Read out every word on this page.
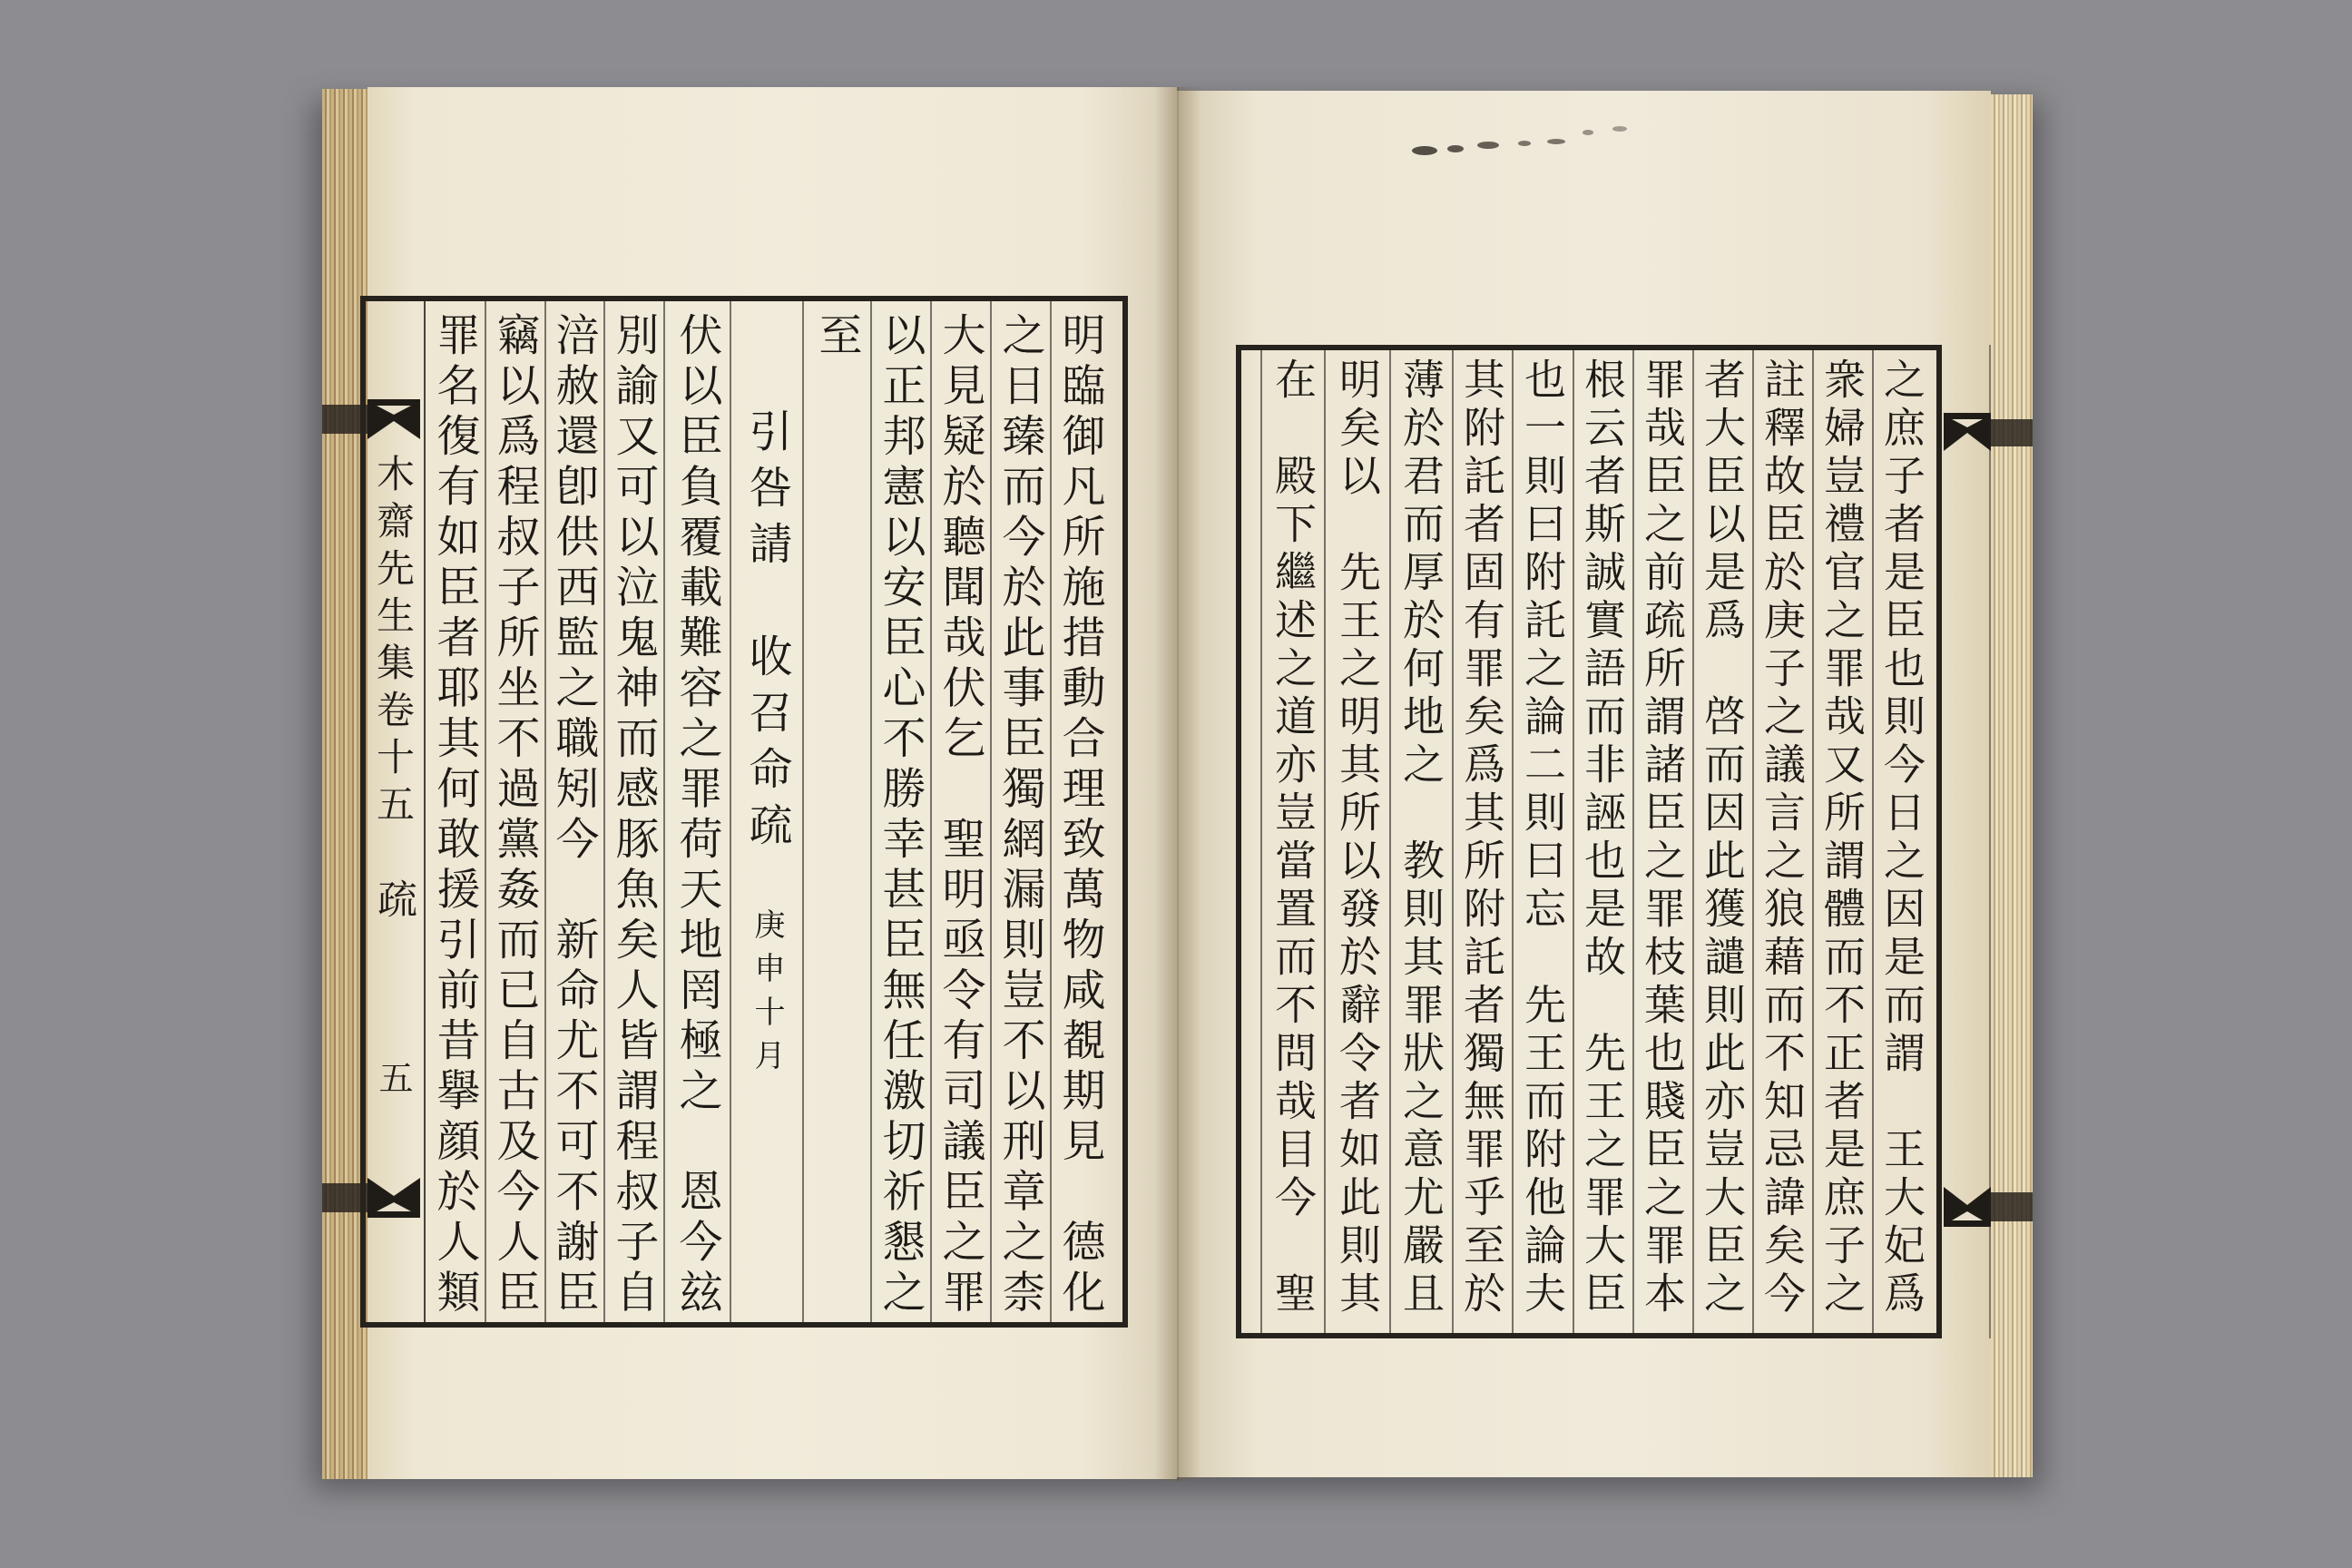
木齋先生集卷十五
疏
五	明臨御凡所施措動合理致萬物咸覩期見　德化
之日臻而今於此事臣獨網漏則豈不以刑章之柰
大見疑於聽聞哉伏乞　聖明亟令有司議臣之罪
以正邦憲以安臣心不勝幸甚臣無任激切祈懇之
至
引咎請　收召命疏庚申十月
伏以臣負覆載難容之罪荷天地罔極之　恩今玆
別諭又可以泣鬼神而感豚魚矣人皆謂程叔子自
涪赦還卽供西監之職矧今　新命尤不可不謝臣
竊以爲程叔子所坐不過黨姦而已自古及今人臣
罪名復有如臣者耶其何敢援引前昔擧顔於人類	之庶子者是臣也則今日之因是而謂　王大妃爲
衆婦豈禮官之罪哉又所謂體而不正者是庶子之
註釋故臣於庚子之議言之狼藉而不知忌諱矣今
者大臣以是爲　啓而因此獲譴則此亦豈大臣之
罪哉臣之前疏所謂諸臣之罪枝葉也賤臣之罪本
根云者斯誠實語而非誣也是故　先王之罪大臣
也一則曰附託之論二則曰忘　先王而附他論夫
其附託者固有罪矣爲其所附託者獨無罪乎至於
薄於君而厚於何地之　教則其罪狀之意尤嚴且
明矣以　先王之明其所以發於辭令者如此則其
在　殿下繼述之道亦豈當置而不問哉目今　聖
